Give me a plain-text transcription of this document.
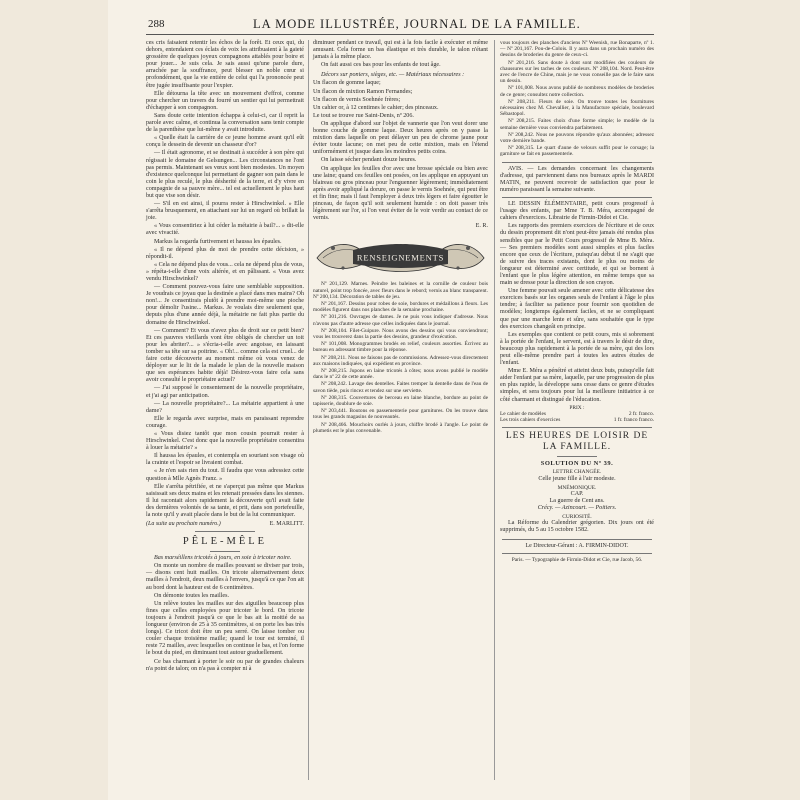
288	LA MODE ILLUSTRÉE, JOURNAL DE LA FAMILLE.

ces cris faisaient retentir les échos de la forêt. Et ceux qui, du dehors, entendaient ces éclats de voix les attribuaient à la gaieté grossière de quelques joyeux compagnons attablés pour boire et pour jouer... Je suis cela. Je sais aussi qu'une parole dure, arrachée par la souffrance, peut blesser un noble cœur si profondément, que la vie entière de celui qui l'a prononcée peut être jugée insuffisante pour l'expier.

Elle détourna la tête avec un mouvement d'effroi, comme pour chercher un travers du fourré un sentier qui lui permettrait d'échapper à son compagnon.

Sans doute cette intention échappa à celui-ci, car il reprit la parole avec calme, et continua la conversation sans tenir compte de la parenthèse que lui-même y avait introduite.

« Quelle était la carrière de ce jeune homme avant qu'il eût conçu le dessein de devenir un chasseur d'or?

— Il était agronome, et se destinait à succéder à son père qui régissait le domaine de Gelsungen... Les circonstances ne l'ont pas permis. Maintenant ses vœux sont bien modestes. Un moyen d'existence quelconque lui permettant de gagner son pain dans le coin le plus reculé, le plus désherité de la terre, et d'y vivre en compagnie de sa pauvre mère... tel est actuellement le plus haut but que vise son désir.

— S'il en est ainsi, il pourra rester à Hirschwinkel. » Elle s'arrêta brusquement, en attachant sur lui un regard où brillait la joie.

« Vous consentiriez à lui céder la métairie à bail?... » dit-elle avec vivacité.

Markus la regarda furtivement et haussa les épaules.

« Il ne dépend plus de moi de prendre cette décision, » répondit-il.

« Cela ne dépend plus de vous... cela ne dépend plus de vous, » répéta-t-elle d'une voix altérée, et en pâlissant. « Vous avez vendu Hirschwinkel?

— Comment pouvez-vous faire une semblable supposition. Je voudrais ce joyau que la destinée a placé dans mes mains? Oh non!... Je consentirais plutôt à prendre moi-même une pioche pour démolir l'usine... Markus. Je voulais dire seulement que, depuis plus d'une année déjà, la métairie ne fait plus partie du domaine de Hirschwinkel.

— Comment? Et vous n'avez plus de droit sur ce petit bien? Et ces pauvres vieillards vont être obligés de chercher un toit pour les abriter?... » s'écria-t-elle avec angoisse, en laissant tomber sa tête sur sa poitrine. « Oh!... comme cela est cruel... de faire cette découverte au moment même où vous venez de déployer sur le lit de la malade le plan de la nouvelle maison que ses espérances habite déjà! Désirez-vous faire cela sans avoir consulté le propriétaire actuel?

— J'ai supposé le consentement de la nouvelle propriétaire, et j'ai agi par anticipation.

— La nouvelle propriétaire?... La métairie appartient à une dame?

Elle le regarda avec surprise, mais en paraissant reprendre courage.

« Vous disiez tantôt que mon cousin pourrait rester à Hirschwinkel. C'est donc que la nouvelle propriétaire consentira à louer la métairie? »

Il haussa les épaules, et contempla en souriant son visage où la crainte et l'espoir se livraient combat.

« Je n'en sais rien du tout. Il faudra que vous adressiez cette question à Mlle Agnès Franz. »

Elle s'arrêta pétrifiée, et ne s'aperçut pas même que Markus saisissait ses deux mains et les retenait pressées dans les siennes. Il lui racontait alors rapidement la découverte qu'il avait faite des dernières volontés de sa tante, et prit, dans son portefeuille, la note qu'il y avait placée dans le but de la lui communiquer.

(La suite au prochain numéro.)	E. MARLITT.
PÊLE-MÊLE

Bas marséillens tricotés à jours, en soie à tricoter noire.

On monte un nombre de mailles pouvant se diviser par trois, — disons cent huit mailles. On tricote alternativement deux mailles à l'endroit, deux mailles à l'envers, jusqu'à ce que l'on ait au bord dont la hauteur est de 6 centimètres.

On démonte toutes les mailles.

Un relève toutes les mailles sur des aiguilles beaucoup plus fines que celles employées pour tricoter le bord. On tricote toujours à l'endroit jusqu'à ce que le bas ait la moitié de sa longueur (environ de 25 à 35 centimètres, si on porte les bas très longs). Ce tricot doit être un peu serré. On laisse tomber ou couler chaque troisième maille; quand le tour est terminé, il reste 72 mailles, avec lesquelles on continue le bas, et l'on forme le bout du pied, en diminuant tout autour graduellement.

Ce bas charmant à porter le soir ou par de grandes chaleurs n'a point de talon; on n'a pas à compter ni à

diminuer pendant ce travail, qui est à la fois facile à exécuter et même amusant. Cela forme un bas élastique et très durable, le talon n'étant jamais à la même place.

On fait aussi ces bas pour les enfants de tout âge.

Décors sur poniers, sièges, etc. — Matériaux nécessaires :

Un flacon de gomme laque;

Un flacon de mixtion Ramon Fernandes;

Un flacon de vernis Soehnée frères;

Un cahier or, à 12 centimes le cahier; des pinceaux.

Le tout se trouve rue Saint-Denis, nº 206.

On applique d'abord sur l'objet de vannerie que l'on veut dorer une bonne couche de gomme laque. Deux heures après on y passe la mixtion dans laquelle on peut délayer un peu de chrome jaune pour éviter toute lacune; on met peu de cette mixtion, mais en l'étend uniformément et jusque dans les moindres petits coins.

On laisse sécher pendant douze heures.

On applique les feuilles d'or avec une brosse spéciale ou bien avec une laine; quand ces feuilles ont posées, on les applique en appuyant un blaireau ou gros pinceau pour l'enguenner légèrement; immédiatement après avoir appliqué la dorure, on passe le vernis Soehnée, qui peut être et fin fine; mais il faut l'employer à deux très légers et faire égoutter le pinceau, de façon qu'il soit seulement humide : on doit passer très légèrement sur l'or, si l'on veut éviter de le voir verdir au contact de ce vernis.

E. R.
RENSEIGNEMENTS

Nº 201,129. Marnes. Peindre les baleines et la cornille de couleur bois naturel, point trop foncée, avec fleurs dans le rebord; vernis au blanc transparent. Nº 200,134. Décoration de tables de jeu.

Nº 201,167. Dessins pour robes de soie, bordures et médaillons à fleurs. Les modèles figurent dans nos planches de la semaine prochaine.

Nº 301,216. Ouvrages de dames. Je ne puis vous indiquer d'adresse. Nous n'avons pas d'autre adresse que celles indiquées dans le journal.

Nº 208,104. Filet-Guipure. Nous avons des dessins qui vous conviendront; vous les trouverez dans la partie des dessins, grandeur d'exécution.

Nº 101,008. Monogrammes brodés en relief, couleurs assorties. Écrivez au bureau en adressant timbre pour la réponse.

Nº 208,211. Nous ne faisons pas de commissions. Adressez-vous directement aux maisons indiquées, qui expédient en province.

Nº 208,215. Jupons en laine tricotés à côtes; nous avons publié le modèle dans le nº 22 de cette année.

Nº 208,242. Lavage des dentelles. Faites tremper la dentelle dans de l'eau de savon tiède, puis rincez et tendez sur une serviette.

Nº 208,315. Couvertures de berceau en laine blanche, bordure au point de tapisserie, doublure de soie.

Nº 203,441. Boutons en passementerie pour garnitures. On les trouve dans tous les grands magasins de nouveautés.

Nº 208,466. Mouchoirs ourlés à jours, chiffre brodé à l'angle. Le point de plumetis est le plus convenable.

vous toujours des planches d'anciens Nº Weenish, rue Bonaparte, nº 1. — Nº 201,167. Pou-de-Colois. Il y aura dans un prochain numéro des dessins de broderies du genre de ceux-ci.

Nº 201,216. Sans doute à dont sont modifiées des couleurs de chaussures sur les taches de ces couleurs. Nº 208,104. Nord. Peut-être avec de l'encre de Chine, mais je ne vous conseille pas de le faire sans un dessin.

Nº 101,008. Nous avons publié de nombreux modèles de broderies de ce genre; consultez notre collection.

Nº 208,211. Fleurs de soie. On trouve toutes les fournitures nécessaires chez M. Chevallier, à la Manufacture spéciale, boulevard Sébastopol.

Nº 208,215. Faites choix d'une forme simple; le modèle de la semaine dernière vous conviendra parfaitement.

Nº 208,242. Nous ne pouvons répondre qu'aux abonnées; adressez votre dernière bande.

Nº 208,315. Le quart d'aune de velours suffit pour le corsage; la garniture se fait en passementerie.

AVIS. — Les demandes concernant les changements d'adresse, qui parviennent dans nos bureaux après le MARDI MATIN, ne peuvent recevoir de satisfaction que pour le numéro paraissant la semaine suivante.

LE DESSIN ÉLÉMENTAIRE, petit cours progressif à l'usage des enfants, par Mme T. B. Méra, accompagné de cahiers d'exercices. Librairie de Firmin-Didot et Cie.

Les rapports des premiers exercices de l'écriture et de ceux du dessin proprement dit n'ont peut-être jamais été rendus plus sensibles que par le Petit Cours progressif de Mme B. Méra. — Ses premiers modèles sont aussi simples et plus faciles encore que ceux de l'écriture, puisqu'au début il ne s'agit que de suivre des traces existants, dont le plus ou moins de longueur est déterminé avec certitude, et qui se bornent à l'enfant que le plus légère attention, en même temps que sa main se dresse pour la direction de son crayon.

Une femme pouvait seule amener avec cette délicatesse des exercices basés sur les organes seuls de l'enfant à l'âge le plus tendre; à faciliter sa patience pour fournir son quotidien de modèles; longtemps également faciles, et ne se compliquant que par une marche lente et sûre, sans souhaitée que le type des exercices changeât en principe.

Les exemples que contient ce petit cours, mis si sobrement à la portée de l'enfant, le servent, est à travers le désir de dire, beaucoup plus rapidement à la portée de sa mère, qui des lors peut elle-même prendre part à toutes les autres études de l'enfant.

Mme E. Méra a pénétré et atteint deux buts, puisqu'elle fait aider l'enfant par sa mère, laquelle, par une progression de plus en plus rapide, la développe sans cesse dans ce genre d'études simples, et sera toujours pour lui la meilleure initiatrice à ce côté charmant et distingué de l'éducation.

PRIX :
Le cahier de modèles	2 fr. franco.
Les trois cahiers d'exercices	1 fr. franco franco.
LES HEURES DE LOISIR DE LA FAMILLE.
SOLUTION DU Nº 39.
LETTRE CHANGÉE.
Celle jeune fille à l'air modeste.
MNÉMONIQUE.
CAP.
La guerre de Cent ans.
Crécy. — Azincourt. — Poitiers.
CURIOSITÉ.

La Réforme du Calendrier grégorien. Dix jours ont été supprimés, du 5 au 15 octobre 1582.

Le Directeur-Gérant : A. FIRMIN-DIDOT.
Paris. — Typographie de Firmin-Didot et Cie, rue Jacob, 56.
